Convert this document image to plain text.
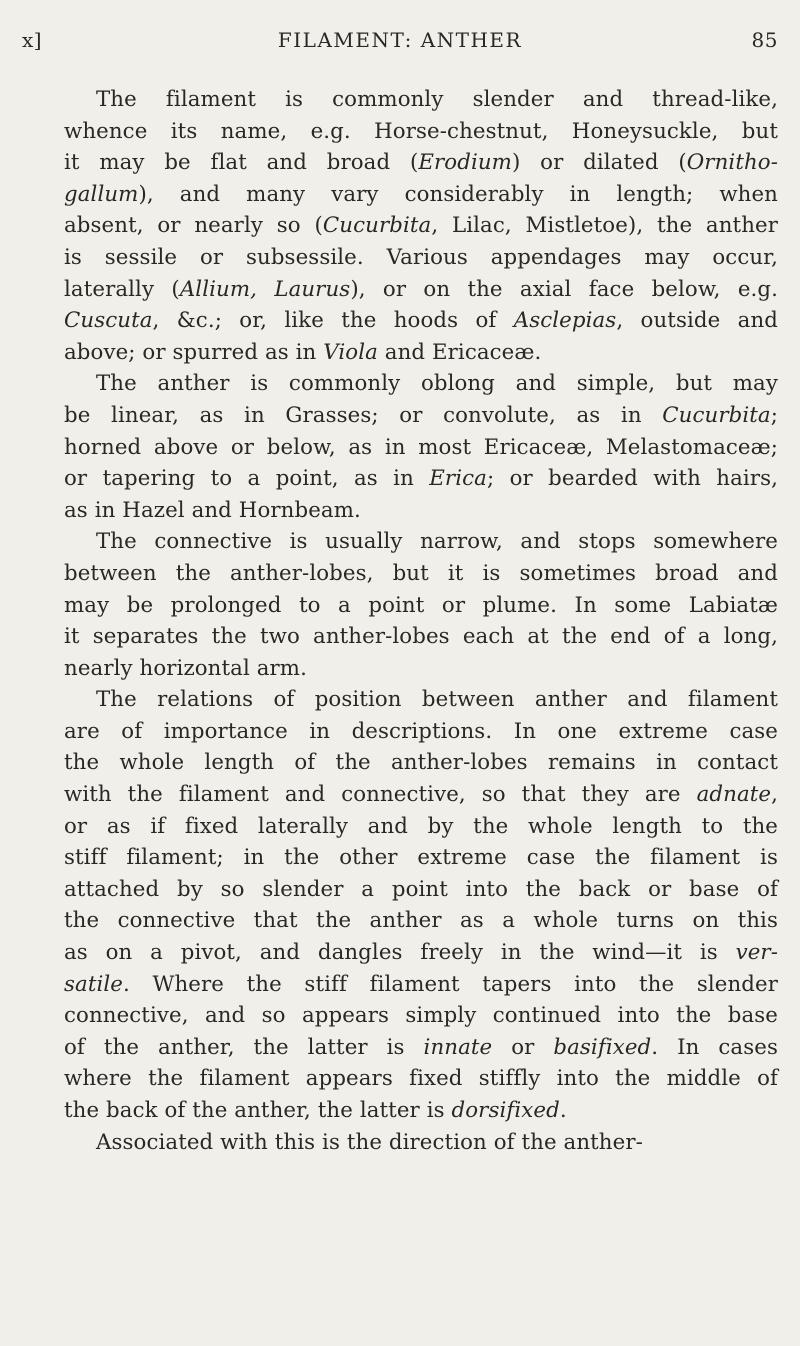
x]	FILAMENT: ANTHER	85
The filament is commonly slender and thread-like,
whence its name, e.g. Horse-chestnut, Honeysuckle, but
it may be flat and broad (Erodium) or dilated (Ornitho-
gallum), and many vary considerably in length; when
absent, or nearly so (Cucurbita, Lilac, Mistletoe), the anther
is sessile or subsessile. Various appendages may occur,
laterally (Allium, Laurus), or on the axial face below, e.g.
Cuscuta, &c.; or, like the hoods of Asclepias, outside and
above; or spurred as in Viola and Ericaceæ.
The anther is commonly oblong and simple, but may
be linear, as in Grasses; or convolute, as in Cucurbita;
horned above or below, as in most Ericaceæ, Melastomaceæ;
or tapering to a point, as in Erica; or bearded with hairs,
as in Hazel and Hornbeam.
The connective is usually narrow, and stops somewhere
between the anther-lobes, but it is sometimes broad and
may be prolonged to a point or plume. In some Labiatæ
it separates the two anther-lobes each at the end of a long,
nearly horizontal arm.
The relations of position between anther and filament
are of importance in descriptions. In one extreme case
the whole length of the anther-lobes remains in contact
with the filament and connective, so that they are adnate,
or as if fixed laterally and by the whole length to the
stiff filament; in the other extreme case the filament is
attached by so slender a point into the back or base of
the connective that the anther as a whole turns on this
as on a pivot, and dangles freely in the wind—it is ver-
satile. Where the stiff filament tapers into the slender
connective, and so appears simply continued into the base
of the anther, the latter is innate or basifixed. In cases
where the filament appears fixed stiffly into the middle of
the back of the anther, the latter is dorsifixed.
Associated with this is the direction of the anther-
